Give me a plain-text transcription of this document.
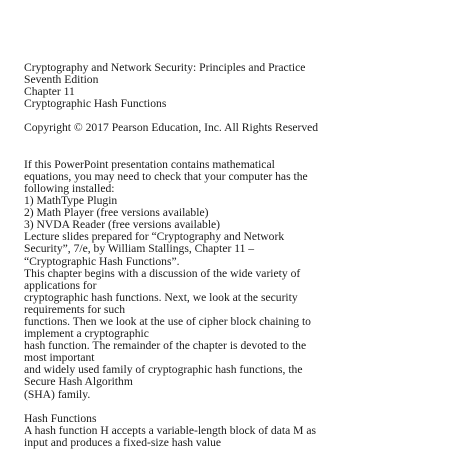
Cryptography and Network Security: Principles and Practice
Seventh Edition
Chapter 11
Cryptographic Hash Functions
Copyright © 2017 Pearson Education, Inc. All Rights Reserved
If this PowerPoint presentation contains mathematical
equations, you may need to check that your computer has the
following installed:
1) MathType Plugin
2) Math Player (free versions available)
3) NVDA Reader (free versions available)
Lecture slides prepared for “Cryptography and Network
Security”, 7/e, by William Stallings, Chapter 11 –
“Cryptographic Hash Functions”.
This chapter begins with a discussion of the wide variety of
applications for
cryptographic hash functions. Next, we look at the security
requirements for such
functions. Then we look at the use of cipher block chaining to
implement a cryptographic
hash function. The remainder of the chapter is devoted to the
most important
and widely used family of cryptographic hash functions, the
Secure Hash Algorithm
(SHA) family.
Hash Functions
A hash function H accepts a variable-length block of data M as
input and produces a fixed-size hash value
